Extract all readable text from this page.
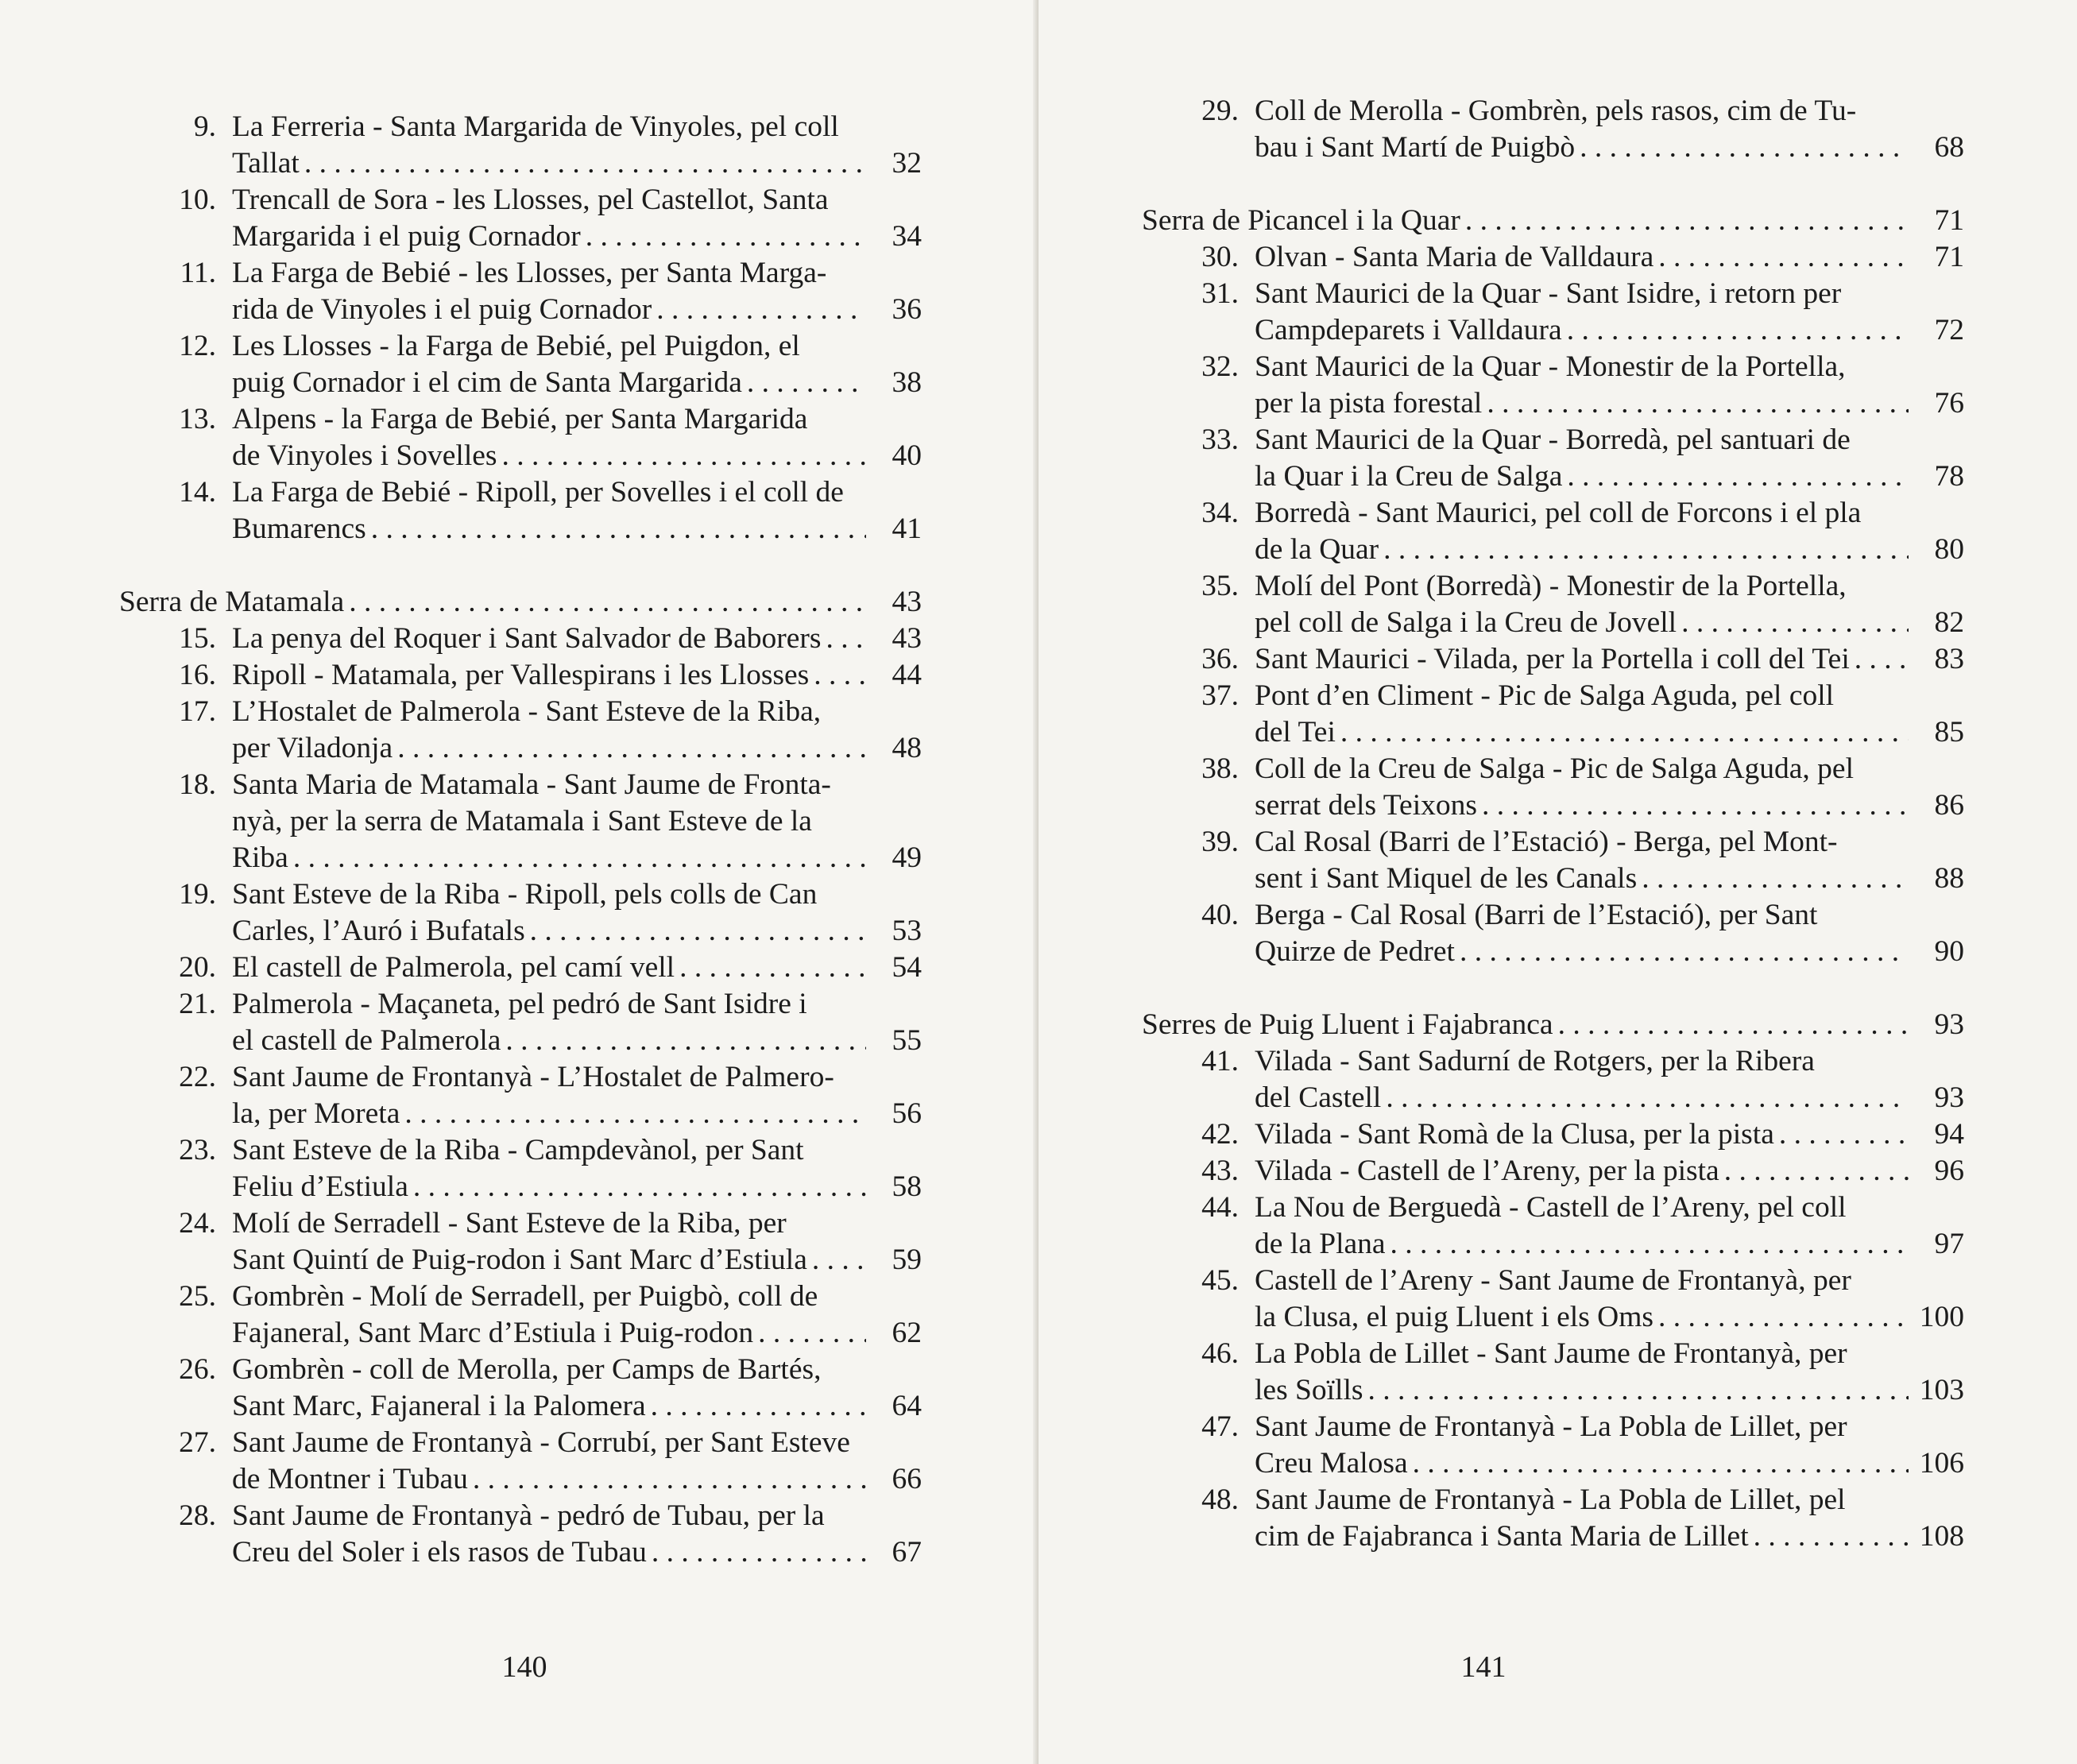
9. La Ferreria - Santa Margarida de Vinyoles, pel coll
Tallat . . .	32
10. Trencall de Sora - les Llosses, pel Castellot, Santa
Margarida i el puig Cornador . . .	34
11. La Farga de Bebié - les Llosses, per Santa Marga-
rida de Vinyoles i el puig Cornador . . .	36
12. Les Llosses - la Farga de Bebié, pel Puigdon, el
puig Cornador i el cim de Santa Margarida . . .	38
13. Alpens - la Farga de Bebié, per Santa Margarida
de Vinyoles i Sovelles . . .	40
14. La Farga de Bebié - Ripoll, per Sovelles i el coll de
Bumarencs . . .	41
Serra de Matamala . . .	43
15. La penya del Roquer i Sant Salvador de Baborers . . .	43
16. Ripoll - Matamala, per Vallespirans i les Llosses . . .	44
17. L’Hostalet de Palmerola - Sant Esteve de la Riba,
per Viladonja . . .	48
18. Santa Maria de Matamala - Sant Jaume de Fronta-
nyà, per la serra de Matamala i Sant Esteve de la
Riba . . .	49
19. Sant Esteve de la Riba - Ripoll, pels colls de Can
Carles, l’Auró i Bufatals . . .	53
20. El castell de Palmerola, pel camí vell . . .	54
21. Palmerola - Maçaneta, pel pedró de Sant Isidre i
el castell de Palmerola . . .	55
22. Sant Jaume de Frontanyà - L’Hostalet de Palmero-
la, per Moreta . . .	56
23. Sant Esteve de la Riba - Campdevànol, per Sant
Feliu d’Estiula . . .	58
24. Molí de Serradell - Sant Esteve de la Riba, per
Sant Quintí de Puig-rodon i Sant Marc d’Estiula . . .	59
25. Gombrèn - Molí de Serradell, per Puigbò, coll de
Fajaneral, Sant Marc d’Estiula i Puig-rodon . . .	62
26. Gombrèn - coll de Merolla, per Camps de Bartés,
Sant Marc, Fajaneral i la Palomera . . .	64
27. Sant Jaume de Frontanyà - Corrubí, per Sant Esteve
de Montner i Tubau . . .	66
28. Sant Jaume de Frontanyà - pedró de Tubau, per la
Creu del Soler i els rasos de Tubau . . .	67
140
29. Coll de Merolla - Gombrèn, pels rasos, cim de Tu-
bau i Sant Martí de Puigbò . . .	68
Serra de Picancel i la Quar . . .	71
30. Olvan - Santa Maria de Valldaura . . .	71
31. Sant Maurici de la Quar - Sant Isidre, i retorn per
Campdeparets i Valldaura . . .	72
32. Sant Maurici de la Quar - Monestir de la Portella,
per la pista forestal . . .	76
33. Sant Maurici de la Quar - Borredà, pel santuari de
la Quar i la Creu de Salga . . .	78
34. Borredà - Sant Maurici, pel coll de Forcons i el pla
de la Quar . . .	80
35. Molí del Pont (Borredà) - Monestir de la Portella,
pel coll de Salga i la Creu de Jovell . . .	82
36. Sant Maurici - Vilada, per la Portella i coll del Tei . . .	83
37. Pont d’en Climent - Pic de Salga Aguda, pel coll
del Tei . . .	85
38. Coll de la Creu de Salga - Pic de Salga Aguda, pel
serrat dels Teixons . . .	86
39. Cal Rosal (Barri de l’Estació) - Berga, pel Mont-
sent i Sant Miquel de les Canals . . .	88
40. Berga - Cal Rosal (Barri de l’Estació), per Sant
Quirze de Pedret . . .	90
Serres de Puig Lluent i Fajabranca . . .	93
41. Vilada - Sant Sadurní de Rotgers, per la Ribera
del Castell . . .	93
42. Vilada - Sant Romà de la Clusa, per la pista . . .	94
43. Vilada - Castell de l’Areny, per la pista . . .	96
44. La Nou de Berguedà - Castell de l’Areny, pel coll
de la Plana . . .	97
45. Castell de l’Areny - Sant Jaume de Frontanyà, per
la Clusa, el puig Lluent i els Oms . . .	100
46. La Pobla de Lillet - Sant Jaume de Frontanyà, per
les Soïlls . . .	103
47. Sant Jaume de Frontanyà - La Pobla de Lillet, per
Creu Malosa . . .	106
48. Sant Jaume de Frontanyà - La Pobla de Lillet, pel
cim de Fajabranca i Santa Maria de Lillet . . .	108
141
